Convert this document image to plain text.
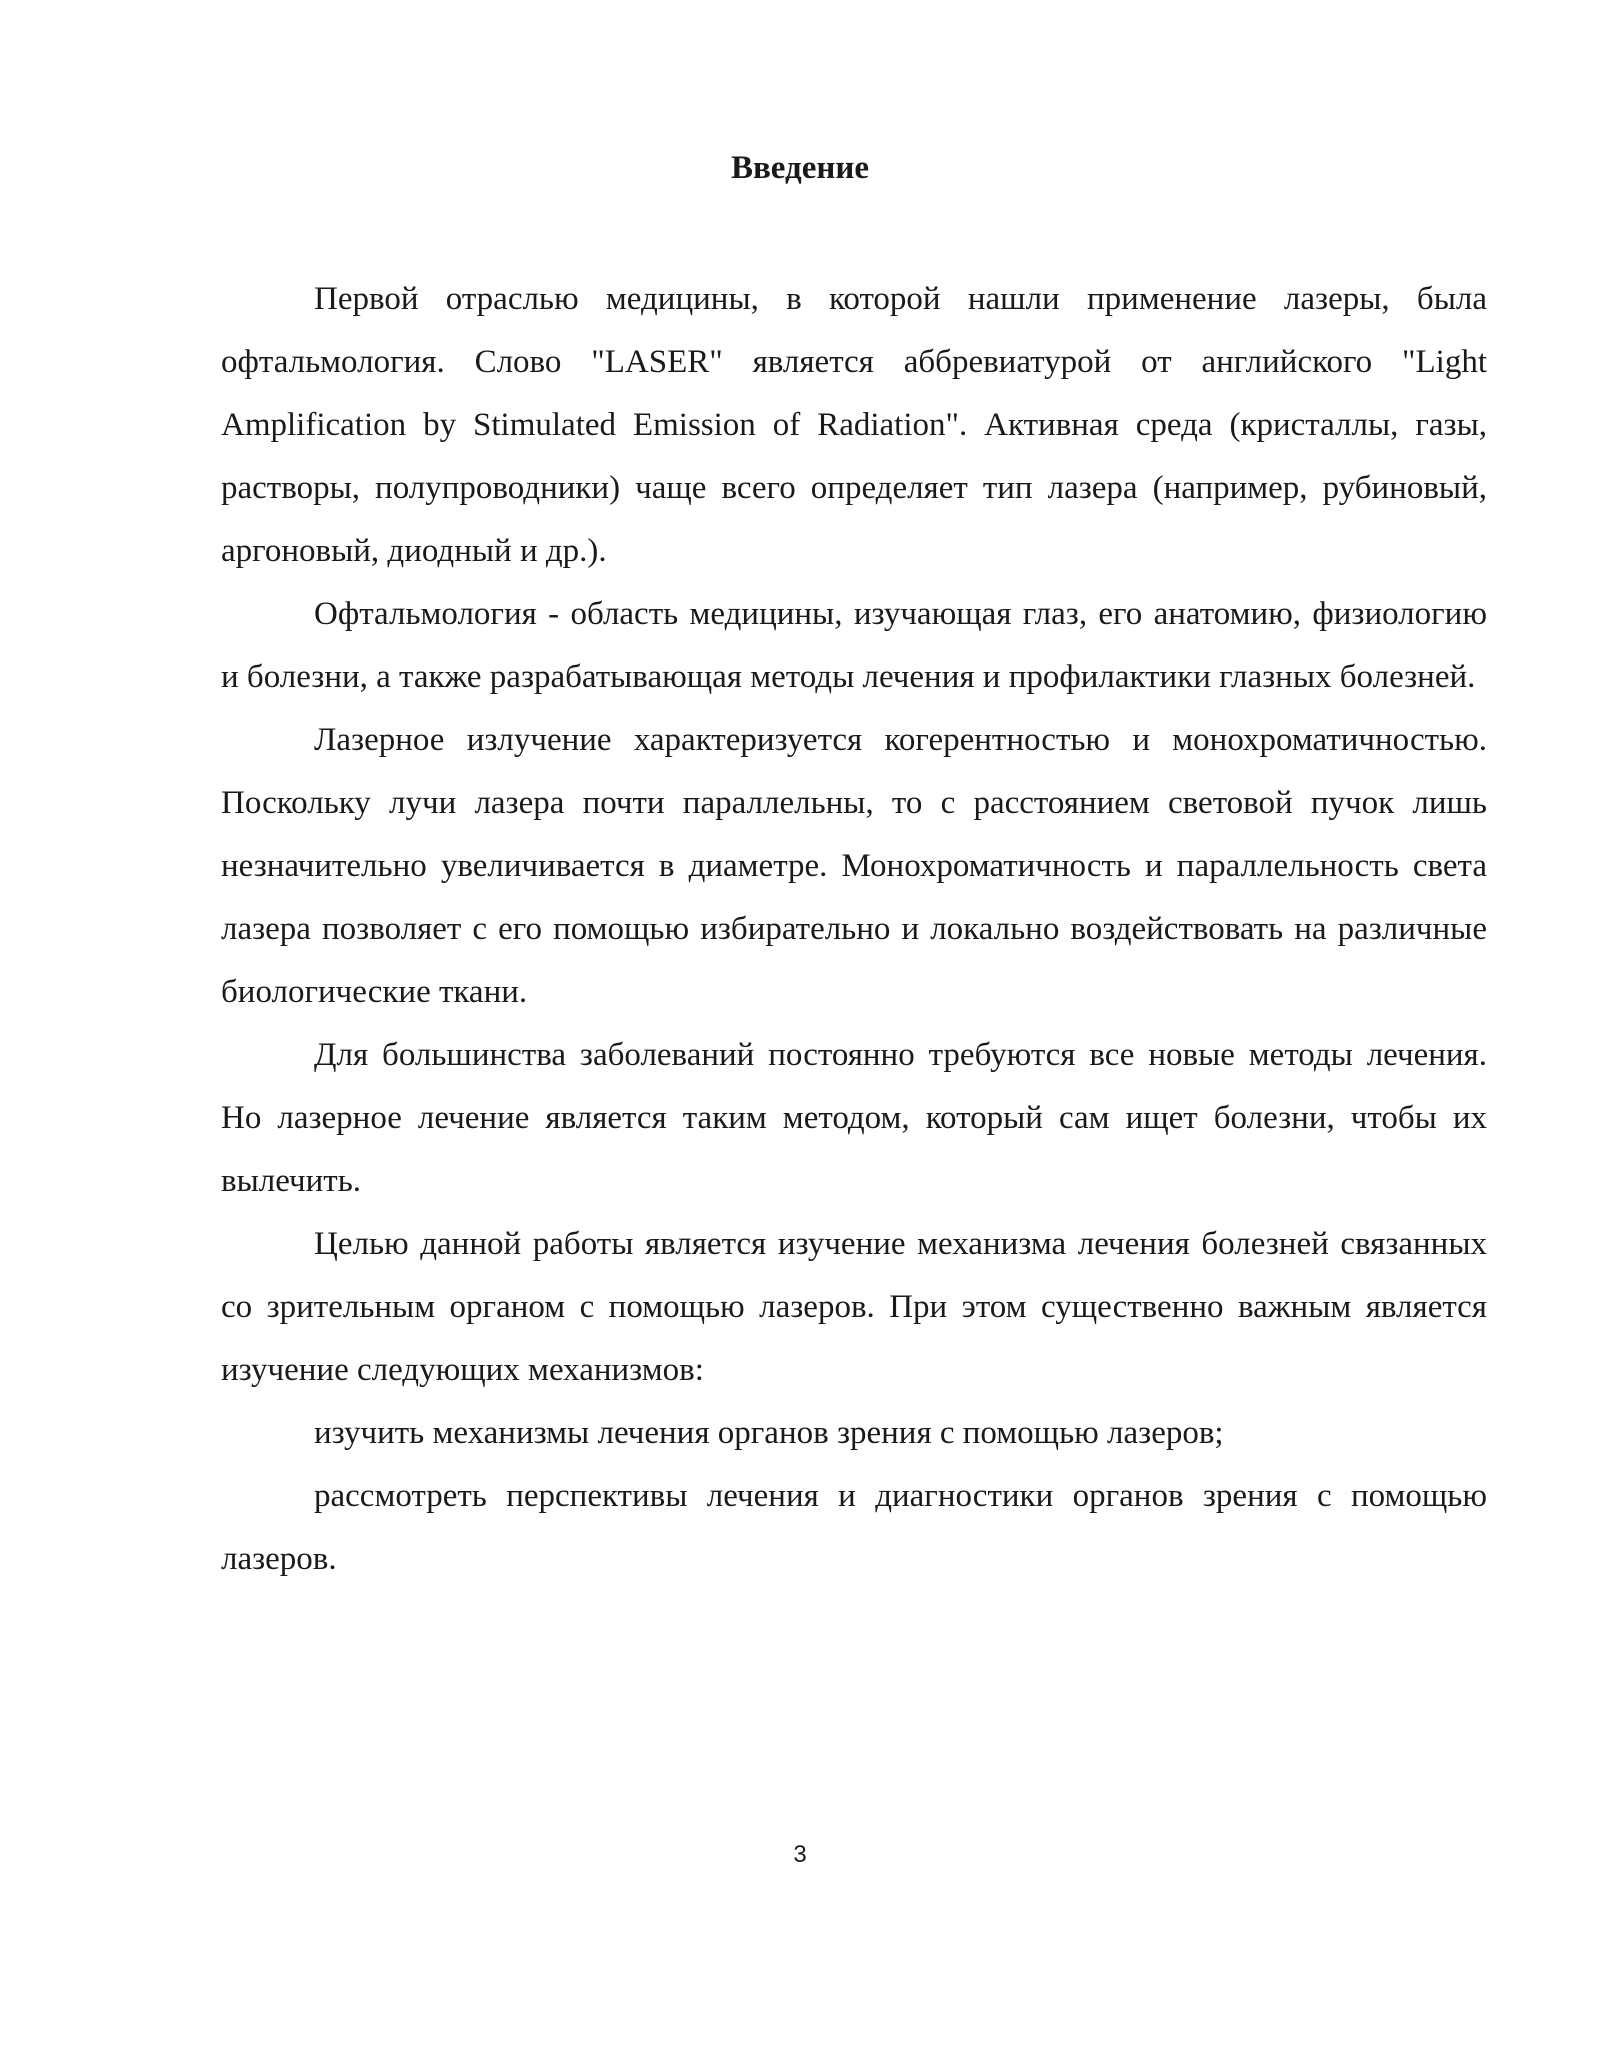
Введение

Первой отраслью медицины, в которой нашли применение лазеры, была офтальмология. Слово "LASER" является аббревиатурой от английского "Light Amplification by Stimulated Emission of Radiation". Активная среда (кристаллы, газы, растворы, полупроводники) чаще всего определяет тип лазера (например, рубиновый, аргоновый, диодный и др.).

Офтальмология - область медицины, изучающая глаз, его анатомию, физиологию и болезни, а также разрабатывающая методы лечения и профилактики глазных болезней.

Лазерное излучение характеризуется когерентностью и монохроматичностью. Поскольку лучи лазера почти параллельны, то с расстоянием световой пучок лишь незначительно увеличивается в диаметре. Монохроматичность и параллельность света лазера позволяет с его помощью избирательно и локально воздействовать на различные биологические ткани.

Для большинства заболеваний постоянно требуются все новые методы лечения. Но лазерное лечение является таким методом, который сам ищет болезни, чтобы их вылечить.

Целью данной работы является изучение механизма лечения болезней связанных со зрительным органом с помощью лазеров. При этом существенно важным является изучение следующих механизмов:

изучить механизмы лечения органов зрения с помощью лазеров;

рассмотреть перспективы лечения и диагностики органов зрения с помощью лазеров.

3
